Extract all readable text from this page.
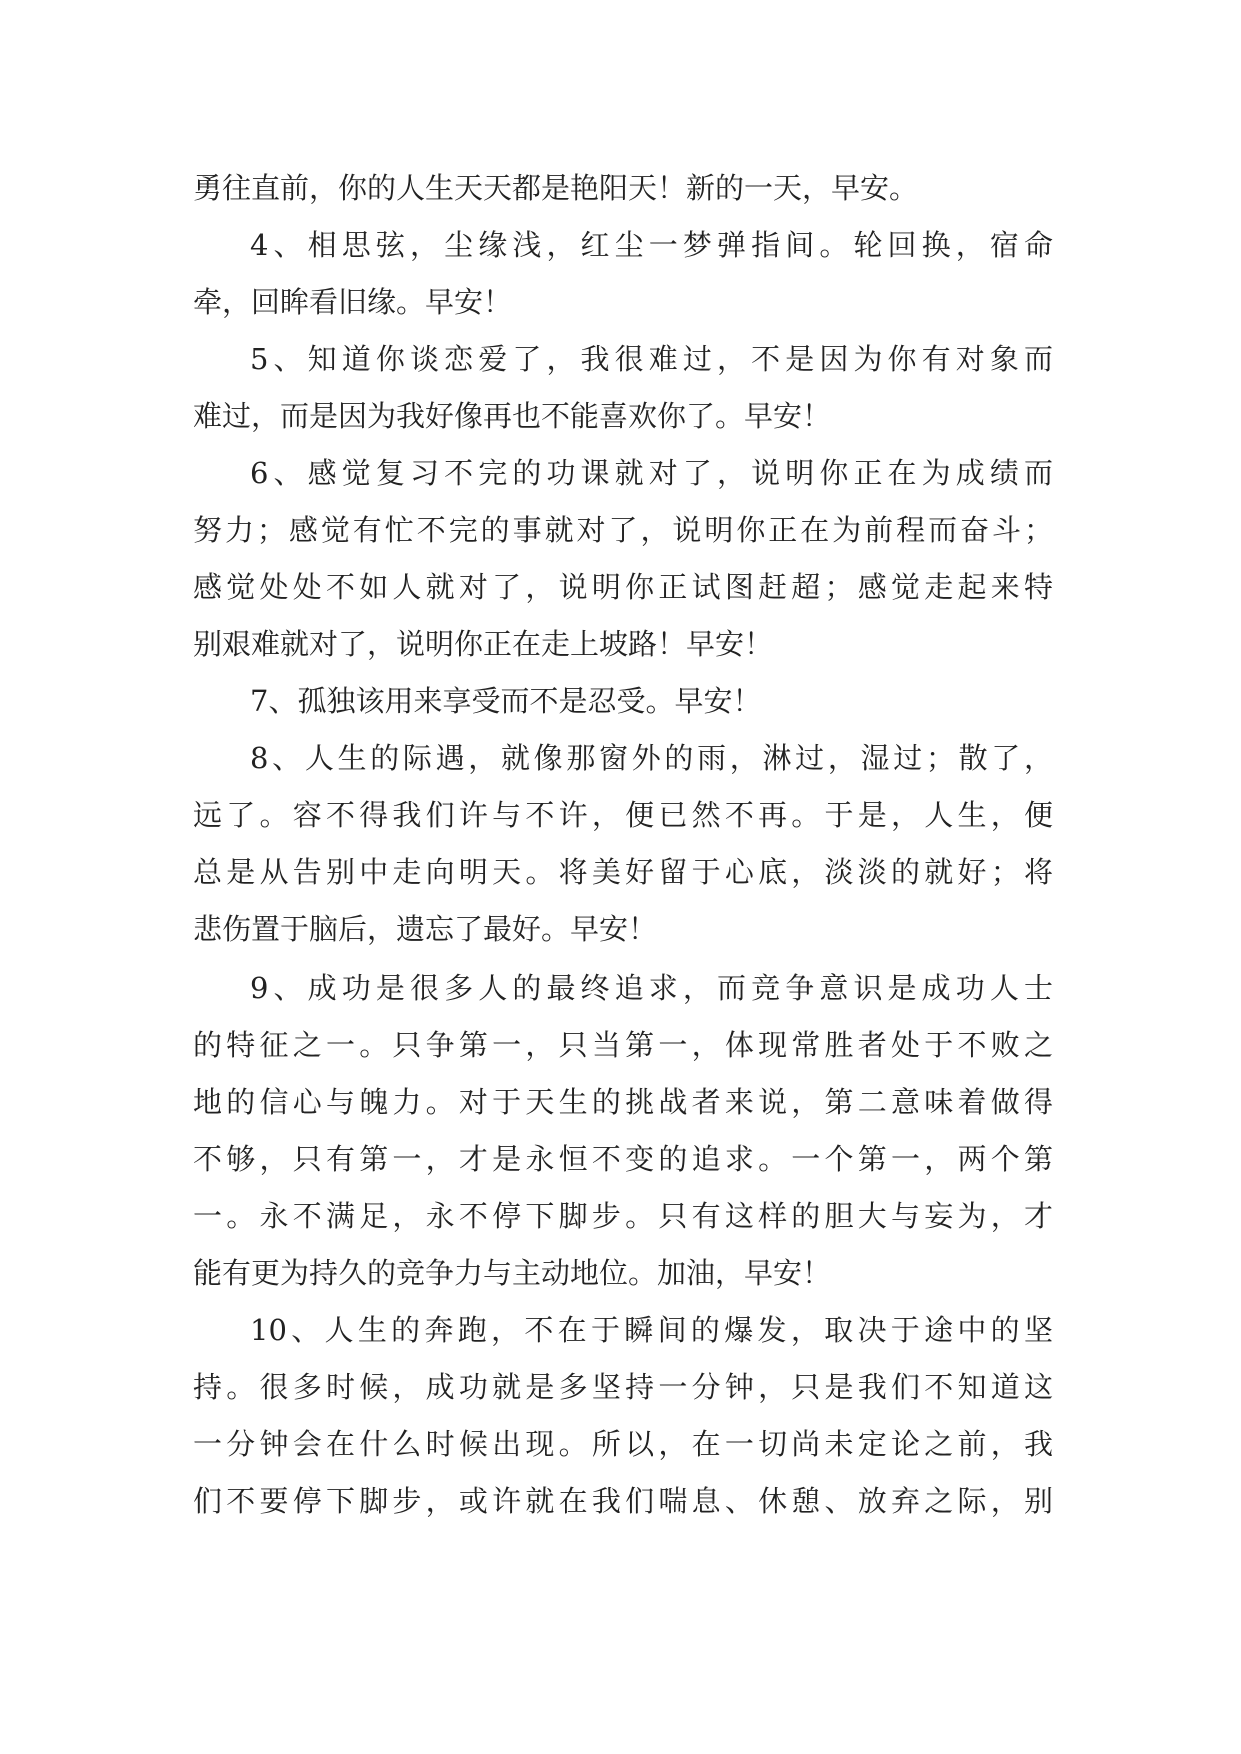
勇往直前，你的人生天天都是艳阳天！新的一天，早安。
4、相思弦，尘缘浅，红尘一梦弹指间。轮回换，宿命
牵，回眸看旧缘。早安！
5、知道你谈恋爱了，我很难过，不是因为你有对象而
难过，而是因为我好像再也不能喜欢你了。早安！
6、感觉复习不完的功课就对了，说明你正在为成绩而
努力；感觉有忙不完的事就对了，说明你正在为前程而奋斗；
感觉处处不如人就对了，说明你正试图赶超；感觉走起来特
别艰难就对了，说明你正在走上坡路！早安！
7、孤独该用来享受而不是忍受。早安！
8、人生的际遇，就像那窗外的雨，淋过，湿过；散了，
远了。容不得我们许与不许，便已然不再。于是，人生，便
总是从告别中走向明天。将美好留于心底，淡淡的就好；将
悲伤置于脑后，遗忘了最好。早安！
9、成功是很多人的最终追求，而竞争意识是成功人士
的特征之一。只争第一，只当第一，体现常胜者处于不败之
地的信心与魄力。对于天生的挑战者来说，第二意味着做得
不够，只有第一，才是永恒不变的追求。一个第一，两个第
一。永不满足，永不停下脚步。只有这样的胆大与妄为，才
能有更为持久的竞争力与主动地位。加油，早安！
10、人生的奔跑，不在于瞬间的爆发，取决于途中的坚
持。很多时候，成功就是多坚持一分钟，只是我们不知道这
一分钟会在什么时候出现。所以，在一切尚未定论之前，我
们不要停下脚步，或许就在我们喘息、休憩、放弃之际，别
